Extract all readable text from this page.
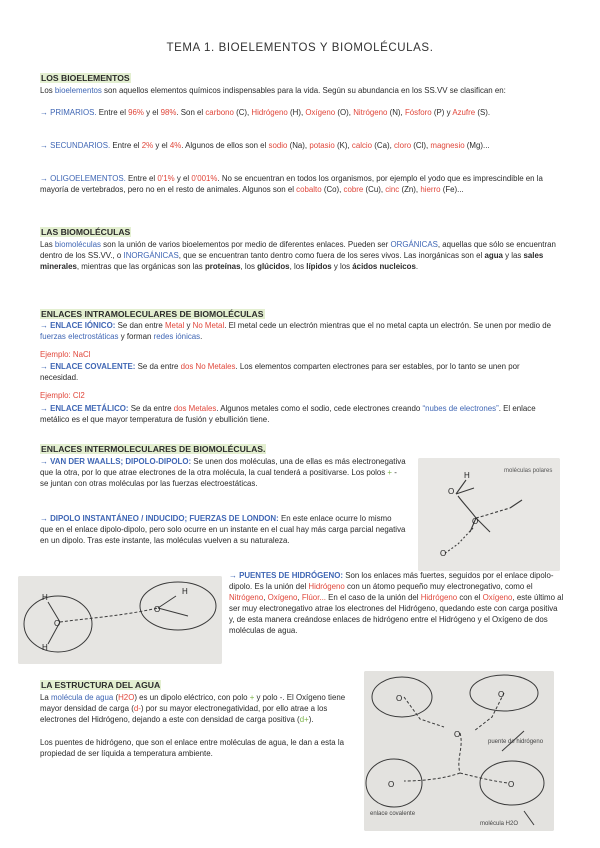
TEMA 1. BIOELEMENTOS Y BIOMOLÉCULAS.
LOS BIOELEMENTOS
Los bioelementos son aquellos elementos químicos indispensables para la vida. Según su abundancia en los SS.VV se clasifican en:
→ PRIMARIOS. Entre el 96% y el 98%. Son el carbono (C), Hidrógeno (H), Oxígeno (O), Nitrógeno (N), Fósforo (P) y Azufre (S).
→ SECUNDARIOS. Entre el 2% y el 4%. Algunos de ellos son el sodio (Na), potasio (K), calcio (Ca), cloro (Cl), magnesio (Mg)...
→ OLIGOELEMENTOS. Entre el 0'1% y el 0'001%. No se encuentran en todos los organismos, por ejemplo el yodo que es imprescindible en la mayoría de vertebrados, pero no en el resto de animales. Algunos son el cobalto (Co), cobre (Cu), cinc (Zn), hierro (Fe)...
LAS BIOMOLÉCULAS
Las biomoléculas son la unión de varios bioelementos por medio de diferentes enlaces. Pueden ser ORGÁNICAS, aquellas que sólo se encuentran dentro de los SS.VV., o INORGÁNICAS, que se encuentran tanto dentro como fuera de los seres vivos. Las inorgánicas son el agua y las sales minerales, mientras que las orgánicas son las proteínas, los glúcidos, los lípidos y los ácidos nucleicos.
ENLACES INTRAMOLECULARES DE BIOMOLÉCULAS
→ ENLACE IÓNICO: Se dan entre Metal y No Metal. El metal cede un electrón mientras que el no metal capta un electrón. Se unen por medio de fuerzas electrostáticas y forman redes iónicas.
Ejemplo: NaCl
→ ENLACE COVALENTE: Se da entre dos No Metales. Los elementos comparten electrones para ser estables, por lo tanto se unen por necesidad.
Ejemplo: Cl2
→ ENLACE METÁLICO: Se da entre dos Metales. Algunos metales como el sodio, cede electrones creando “nubes de electrones”. El enlace metálico es el que mayor temperatura de fusión y ebullición tiene.
ENLACES INTERMOLECULARES DE BIOMOLÉCULAS.
→ VAN DER WAALLS; DIPOLO-DIPOLO: Se unen dos moléculas, una de ellas es más electronegativa que la otra, por lo que atrae electrones de la otra molécula, la cual tenderá a positivarse. Los polos + - se juntan con otras moléculas por las fuerzas electroestáticas.
→ DIPOLO INSTANTÁNEO / INDUCIDO; FUERZAS DE LONDON: En este enlace ocurre lo mismo que en el enlace dipolo-dipolo, pero solo ocurre en un instante en el cual hay más carga parcial negativa en un dipolo. Tras este instante, las moléculas vuelven a su naturaleza.
O
O
H
O
moléculas polares
O
H
H
O
H
→ PUENTES DE HIDRÓGENO: Son los enlaces más fuertes, seguidos por el enlace dipolo-dipolo. Es la unión del Hidrógeno con un átomo pequeño muy electronegativo, como el Nitrógeno, Oxígeno, Flúor... En el caso de la unión del Hidrógeno con el Oxígeno, este último al ser muy electronegativo atrae los electrones del Hidrógeno, quedando este con carga positiva y, de esta manera creándose enlaces de hidrógeno entre el Hidrógeno y el Oxígeno de dos moléculas de agua.
LA ESTRUCTURA DEL AGUA
La molécula de agua (H2O) es un dipolo eléctrico, con polo + y polo -. El Oxígeno tiene mayor densidad de carga (d-) por su mayor electronegatividad, por ello atrae a los electrones del Hidrógeno, dejando a este con densidad de carga positiva (d+).
Los puentes de hidrógeno, que son el enlace entre moléculas de agua, le dan a esta la propiedad de ser líquida a temperatura ambiente.
O	O
O
O	O
puente de hidrógeno
enlace covalente
molécula H2O
